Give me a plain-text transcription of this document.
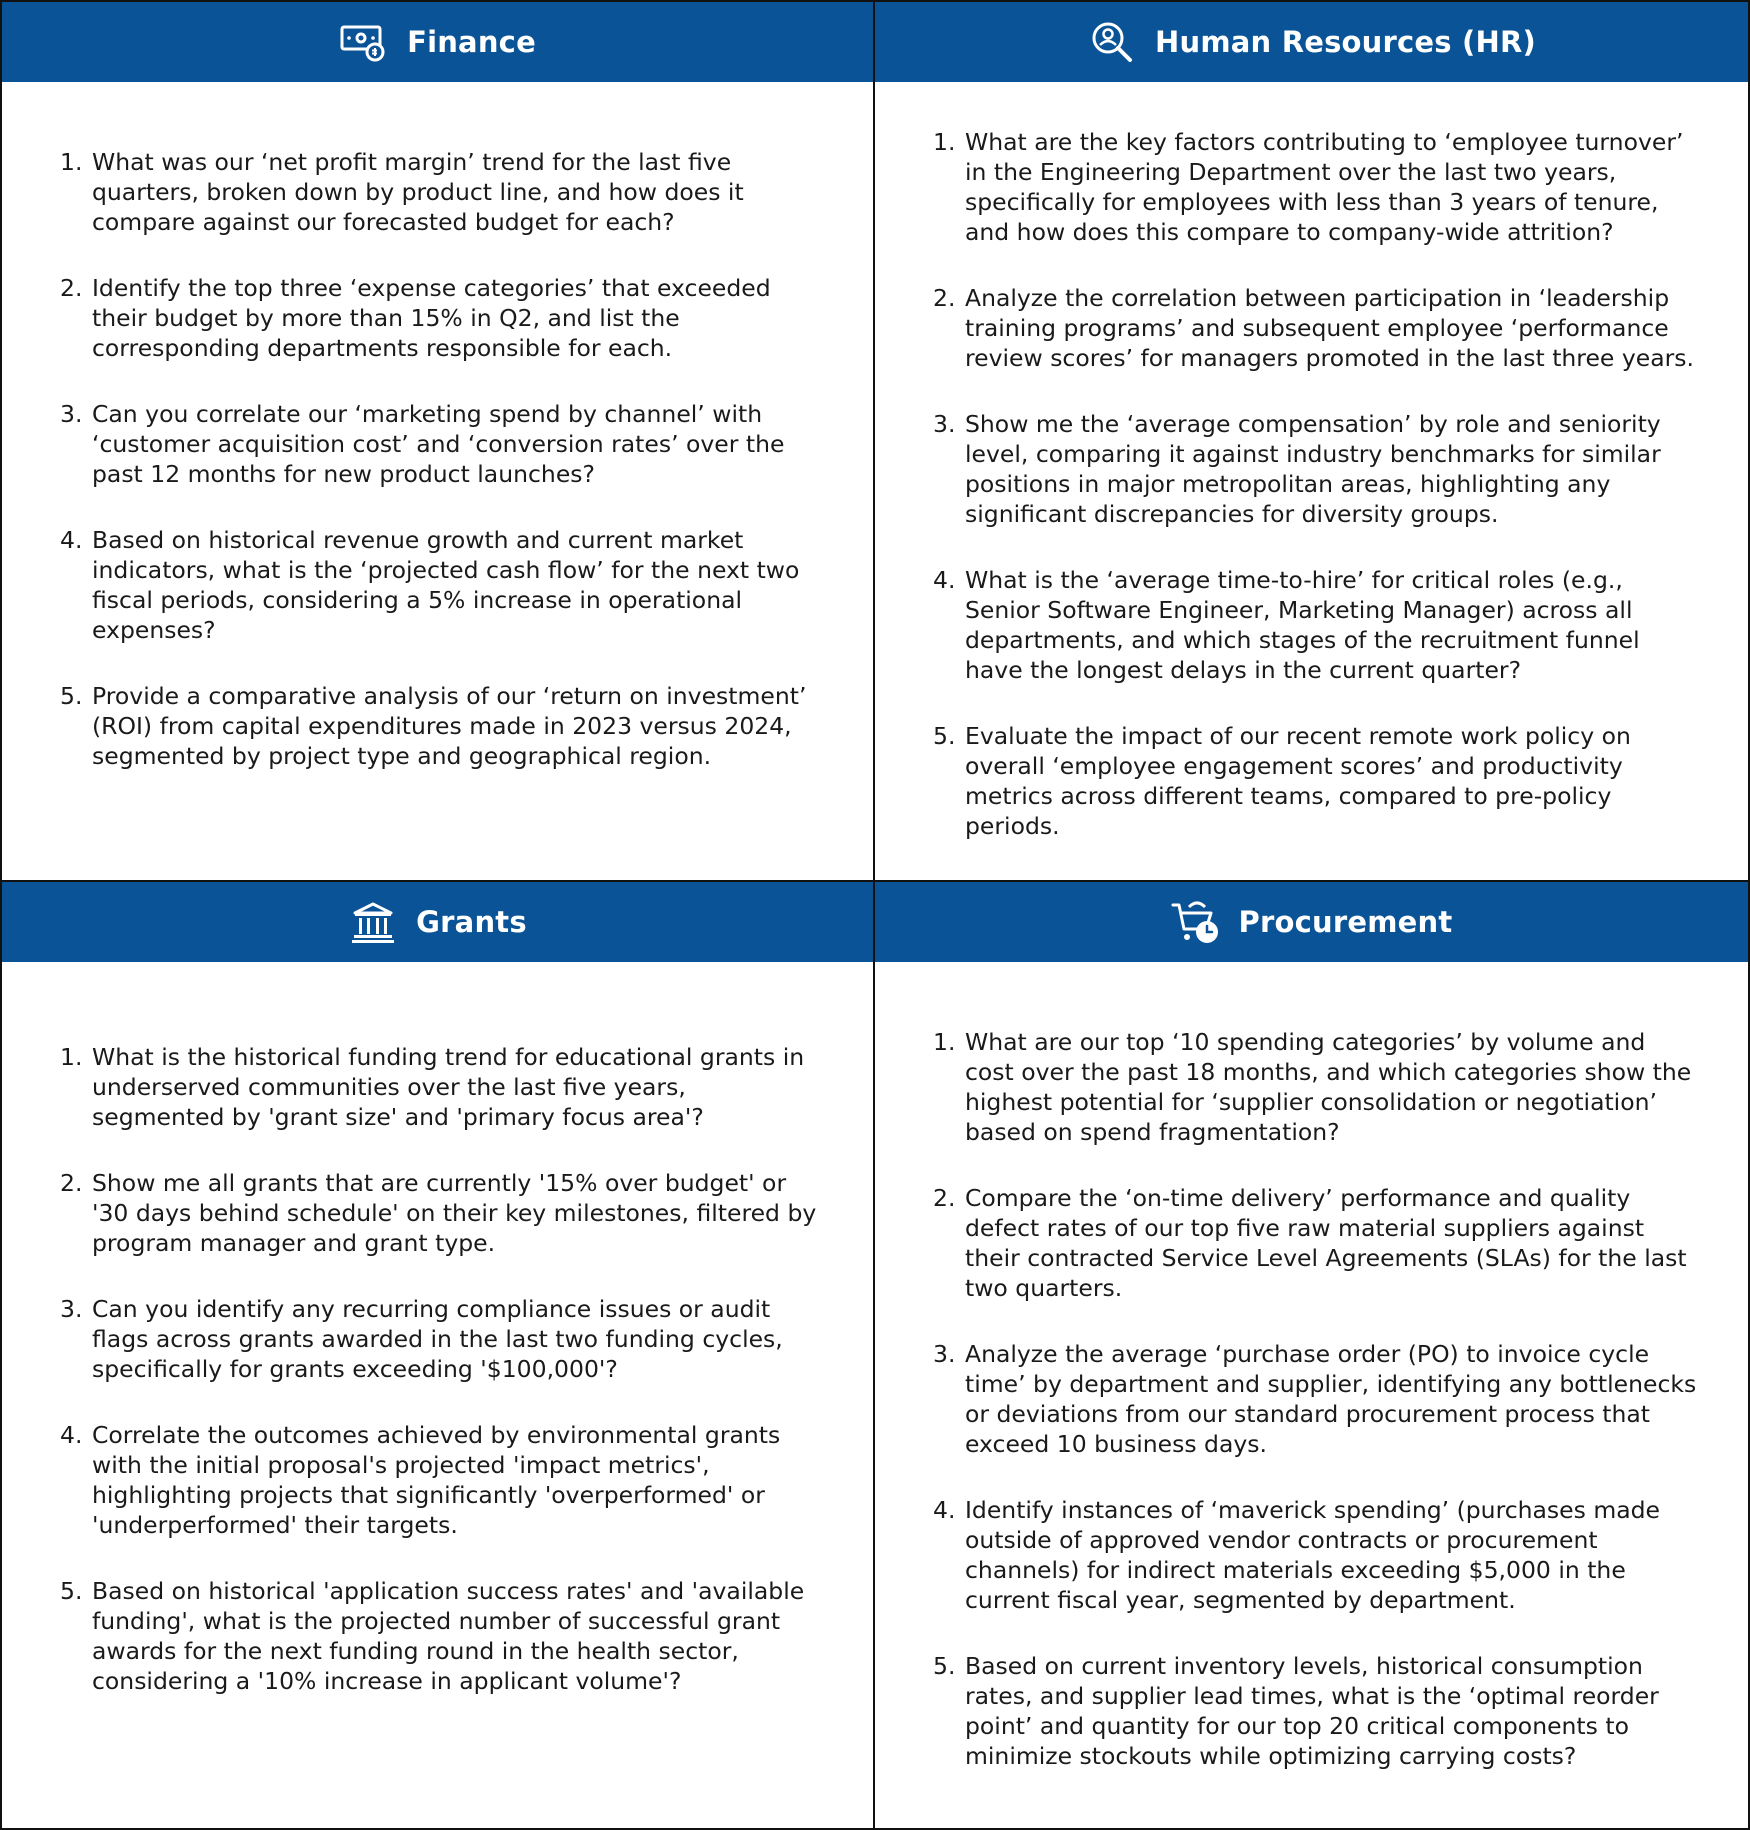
Finance
1. What was our ‘net profit margin’ trend for the last five quarters, broken down by product line, and how does it compare against our forecasted budget for each?
2. Identify the top three ‘expense categories’ that exceeded their budget by more than 15% in Q2, and list the corresponding departments responsible for each.
3. Can you correlate our ‘marketing spend by channel’ with ‘customer acquisition cost’ and ‘conversion rates’ over the past 12 months for new product launches?
4. Based on historical revenue growth and current market indicators, what is the ‘projected cash flow’ for the next two fiscal periods, considering a 5% increase in operational expenses?
5. Provide a comparative analysis of our ‘return on investment’ (ROI) from capital expenditures made in 2023 versus 2024, segmented by project type and geographical region.
Human Resources (HR)
1. What are the key factors contributing to ‘employee turnover’ in the Engineering Department over the last two years, specifically for employees with less than 3 years of tenure, and how does this compare to company-wide attrition?
2. Analyze the correlation between participation in ‘leadership training programs’ and subsequent employee ‘performance review scores’ for managers promoted in the last three years.
3. Show me the ‘average compensation’ by role and seniority level, comparing it against industry benchmarks for similar positions in major metropolitan areas, highlighting any significant discrepancies for diversity groups.
4. What is the ‘average time-to-hire’ for critical roles (e.g., Senior Software Engineer, Marketing Manager) across all departments, and which stages of the recruitment funnel have the longest delays in the current quarter?
5. Evaluate the impact of our recent remote work policy on overall ‘employee engagement scores’ and productivity metrics across different teams, compared to pre-policy periods.
Grants
1. What is the historical funding trend for educational grants in underserved communities over the last five years, segmented by 'grant size' and 'primary focus area'?
2. Show me all grants that are currently '15% over budget' or '30 days behind schedule' on their key milestones, filtered by program manager and grant type.
3. Can you identify any recurring compliance issues or audit flags across grants awarded in the last two funding cycles, specifically for grants exceeding '$100,000'?
4. Correlate the outcomes achieved by environmental grants with the initial proposal's projected 'impact metrics', highlighting projects that significantly 'overperformed' or 'underperformed' their targets.
5. Based on historical 'application success rates' and 'available funding', what is the projected number of successful grant awards for the next funding round in the health sector, considering a '10% increase in applicant volume'?
Procurement
1. What are our top ‘10 spending categories’ by volume and cost over the past 18 months, and which categories show the highest potential for ‘supplier consolidation or negotiation’ based on spend fragmentation?
2. Compare the ‘on-time delivery’ performance and quality defect rates of our top five raw material suppliers against their contracted Service Level Agreements (SLAs) for the last two quarters.
3. Analyze the average ‘purchase order (PO) to invoice cycle time’ by department and supplier, identifying any bottlenecks or deviations from our standard procurement process that exceed 10 business days.
4. Identify instances of ‘maverick spending’ (purchases made outside of approved vendor contracts or procurement channels) for indirect materials exceeding $5,000 in the current fiscal year, segmented by department.
5. Based on current inventory levels, historical consumption rates, and supplier lead times, what is the ‘optimal reorder point’ and quantity for our top 20 critical components to minimize stockouts while optimizing carrying costs?
